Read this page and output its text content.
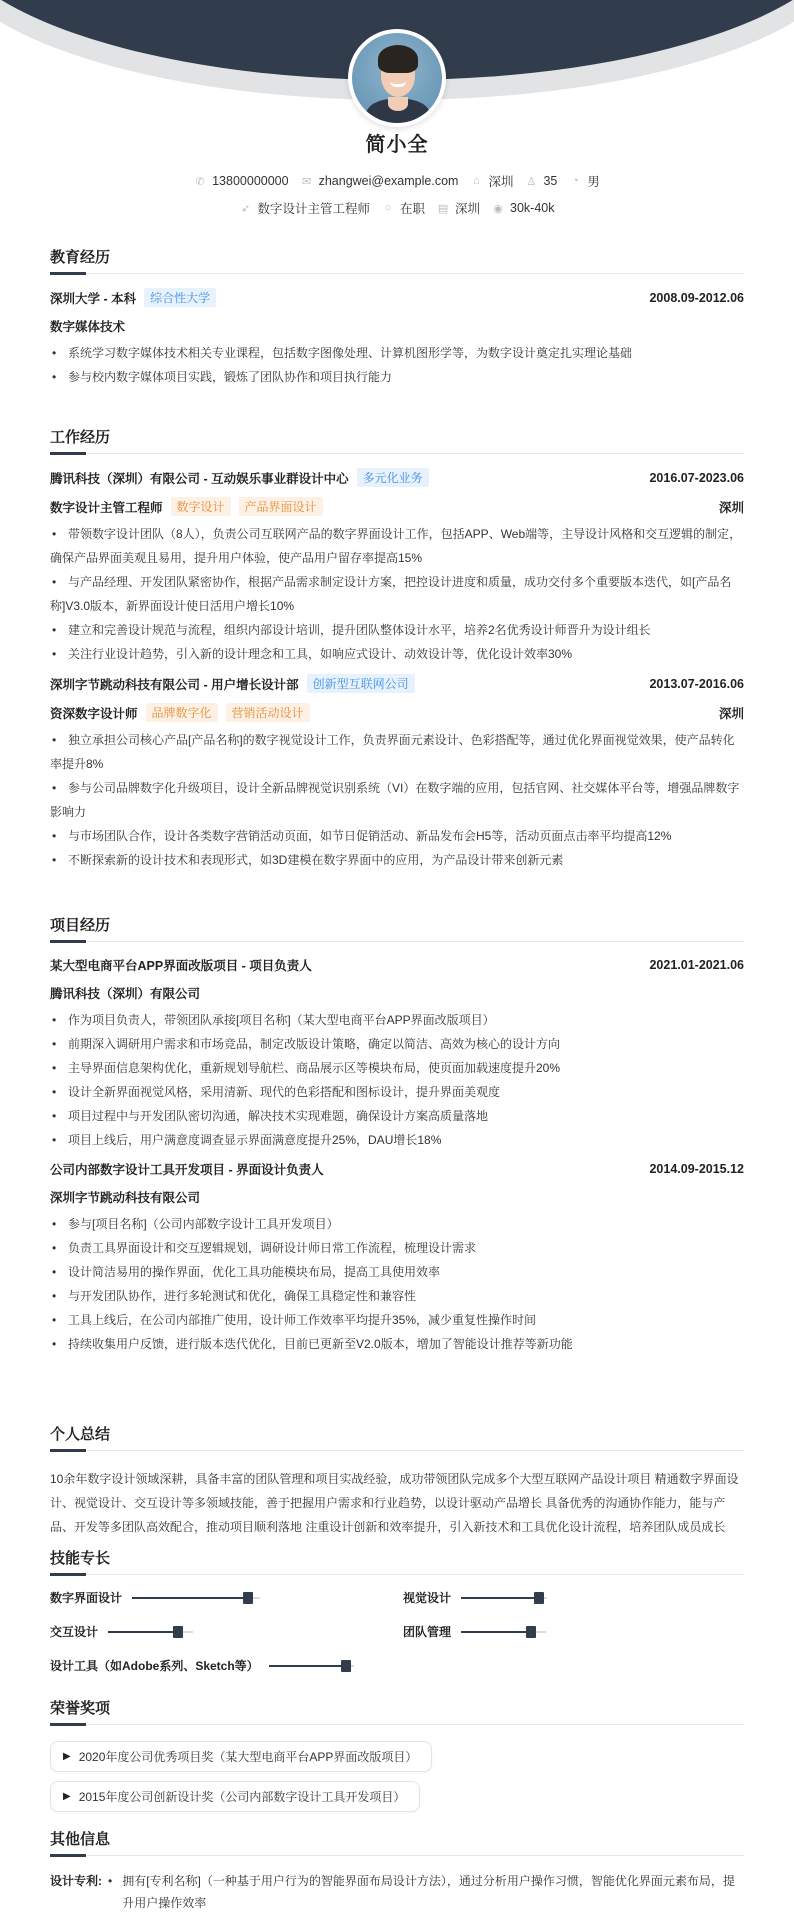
简小全
✆ 13800000000 ✉ zhangwei@example.com ⌂ 深圳 ♙ 35 ◔ 男
➶ 数字设计主管工程师 ○ 在职 ▤ 深圳 ◉ 30k-40k
教育经历
深圳大学 - 本科	综合性大学	2008.09-2012.06
数字媒体技术
• 系统学习数字媒体技术相关专业课程，包括数字图像处理、计算机图形学等，为数字设计奠定扎实理论基础
• 参与校内数字媒体项目实践，锻炼了团队协作和项目执行能力
工作经历
腾讯科技（深圳）有限公司 - 互动娱乐事业群设计中心	多元化业务	2016.07-2023.06
数字设计主管工程师	数字设计	产品界面设计	深圳
• 带领数字设计团队（8人），负责公司互联网产品的数字界面设计工作，包括APP、Web端等，主导设计风格和交互逻辑的制定，确保产品界面美观且易用，提升用户体验，使产品用户留存率提高15%
• 与产品经理、开发团队紧密协作，根据产品需求制定设计方案，把控设计进度和质量，成功交付多个重要版本迭代，如[产品名称]V3.0版本，新界面设计使日活用户增长10%
• 建立和完善设计规范与流程，组织内部设计培训，提升团队整体设计水平，培养2名优秀设计师晋升为设计组长
• 关注行业设计趋势，引入新的设计理念和工具，如响应式设计、动效设计等，优化设计效率30%
深圳字节跳动科技有限公司 - 用户增长设计部	创新型互联网公司	2013.07-2016.06
资深数字设计师	品牌数字化	营销活动设计	深圳
• 独立承担公司核心产品[产品名称]的数字视觉设计工作，负责界面元素设计、色彩搭配等，通过优化界面视觉效果，使产品转化率提升8%
• 参与公司品牌数字化升级项目，设计全新品牌视觉识别系统（VI）在数字端的应用，包括官网、社交媒体平台等，增强品牌数字影响力
• 与市场团队合作，设计各类数字营销活动页面，如节日促销活动、新品发布会H5等，活动页面点击率平均提高12%
• 不断探索新的设计技术和表现形式，如3D建模在数字界面中的应用，为产品设计带来创新元素
项目经历
某大型电商平台APP界面改版项目 - 项目负责人	2021.01-2021.06
腾讯科技（深圳）有限公司
• 作为项目负责人，带领团队承接[项目名称]（某大型电商平台APP界面改版项目）
• 前期深入调研用户需求和市场竞品，制定改版设计策略，确定以简洁、高效为核心的设计方向
• 主导界面信息架构优化，重新规划导航栏、商品展示区等模块布局，使页面加载速度提升20%
• 设计全新界面视觉风格，采用清新、现代的色彩搭配和图标设计，提升界面美观度
• 项目过程中与开发团队密切沟通，解决技术实现难题，确保设计方案高质量落地
• 项目上线后，用户满意度调查显示界面满意度提升25%，DAU增长18%
公司内部数字设计工具开发项目 - 界面设计负责人	2014.09-2015.12
深圳字节跳动科技有限公司
• 参与[项目名称]（公司内部数字设计工具开发项目）
• 负责工具界面设计和交互逻辑规划，调研设计师日常工作流程，梳理设计需求
• 设计简洁易用的操作界面，优化工具功能模块布局，提高工具使用效率
• 与开发团队协作，进行多轮测试和优化，确保工具稳定性和兼容性
• 工具上线后，在公司内部推广使用，设计师工作效率平均提升35%，减少重复性操作时间
• 持续收集用户反馈，进行版本迭代优化，目前已更新至V2.0版本，增加了智能设计推荐等新功能
个人总结
10余年数字设计领域深耕，具备丰富的团队管理和项目实战经验，成功带领团队完成多个大型互联网产品设计项目 精通数字界面设计、视觉设计、交互设计等多领域技能，善于把握用户需求和行业趋势，以设计驱动产品增长 具备优秀的沟通协作能力，能与产品、开发等多团队高效配合，推动项目顺利落地 注重设计创新和效率提升，引入新技术和工具优化设计流程，培养团队成员成长
技能专长
数字界面设计	视觉设计
交互设计	团队管理
设计工具（如Adobe系列、Sketch等）
荣誉奖项
▶ 2020年度公司优秀项目奖（某大型电商平台APP界面改版项目）
▶ 2015年度公司创新设计奖（公司内部数字设计工具开发项目）
其他信息
设计专利: • 拥有[专利名称]（一种基于用户行为的智能界面布局设计方法），通过分析用户操作习惯，智能优化界面元素布局，提升用户操作效率
